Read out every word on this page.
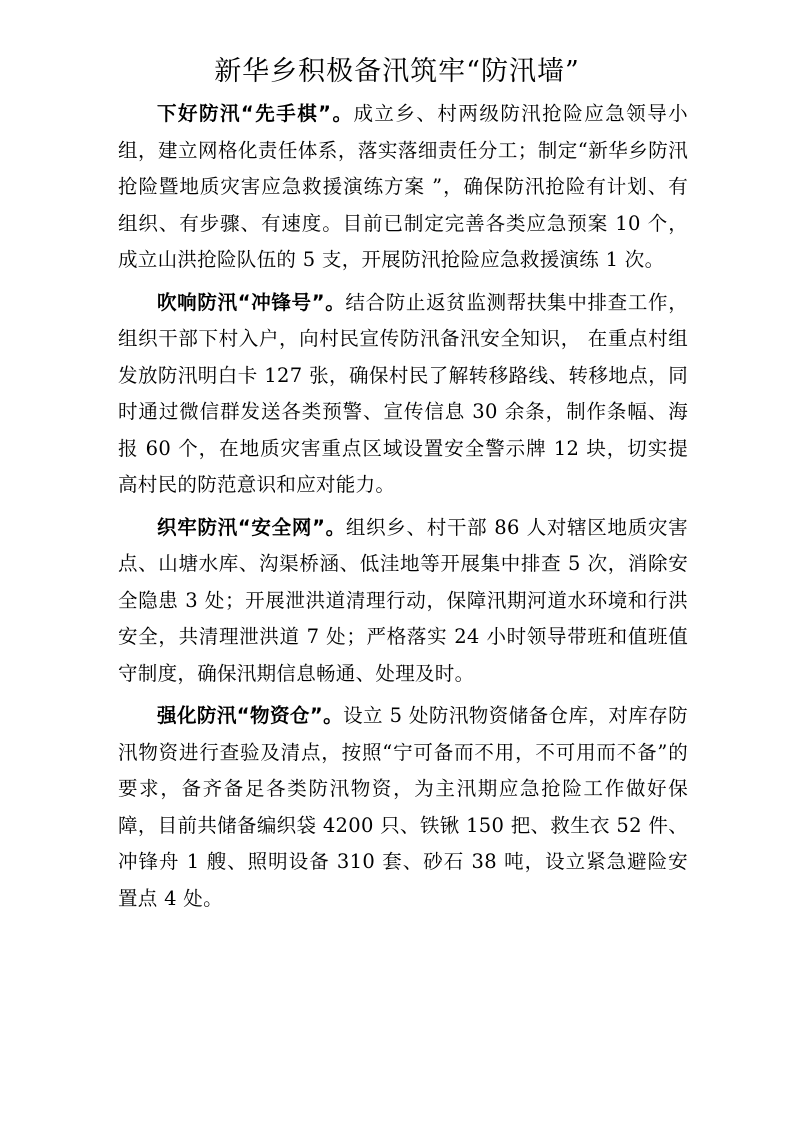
新华乡积极备汛筑牢“防汛墙”

下好防汛“先手棋”。成立乡、村两级防汛抢险应急领导小组，建立网格化责任体系，落实落细责任分工；制定“新华乡防汛抢险暨地质灾害应急救援演练方案 ”，确保防汛抢险有计划、有组织、有步骤、有速度。目前已制定完善各类应急预案 10 个，成立山洪抢险队伍的 5 支，开展防汛抢险应急救援演练 1 次。

吹响防汛“冲锋号”。结合防止返贫监测帮扶集中排查工作，组织干部下村入户，向村民宣传防汛备汛安全知识， 在重点村组发放防汛明白卡 127 张，确保村民了解转移路线、转移地点，同时通过微信群发送各类预警、宣传信息 30 余条，制作条幅、海报 60 个，在地质灾害重点区域设置安全警示牌 12 块，切实提高村民的防范意识和应对能力。

织牢防汛“安全网”。组织乡、村干部 86 人对辖区地质灾害点、山塘水库、沟渠桥涵、低洼地等开展集中排查 5 次，消除安全隐患 3 处；开展泄洪道清理行动，保障汛期河道水环境和行洪安全，共清理泄洪道 7 处；严格落实 24 小时领导带班和值班值守制度，确保汛期信息畅通、处理及时。

强化防汛“物资仓”。设立 5 处防汛物资储备仓库，对库存防汛物资进行查验及清点，按照“宁可备而不用，不可用而不备”的要求，备齐备足各类防汛物资，为主汛期应急抢险工作做好保障，目前共储备编织袋 4200 只、铁锹 150 把、救生衣 52 件、冲锋舟 1 艘、照明设备 310 套、砂石 38 吨，设立紧急避险安置点 4 处。
